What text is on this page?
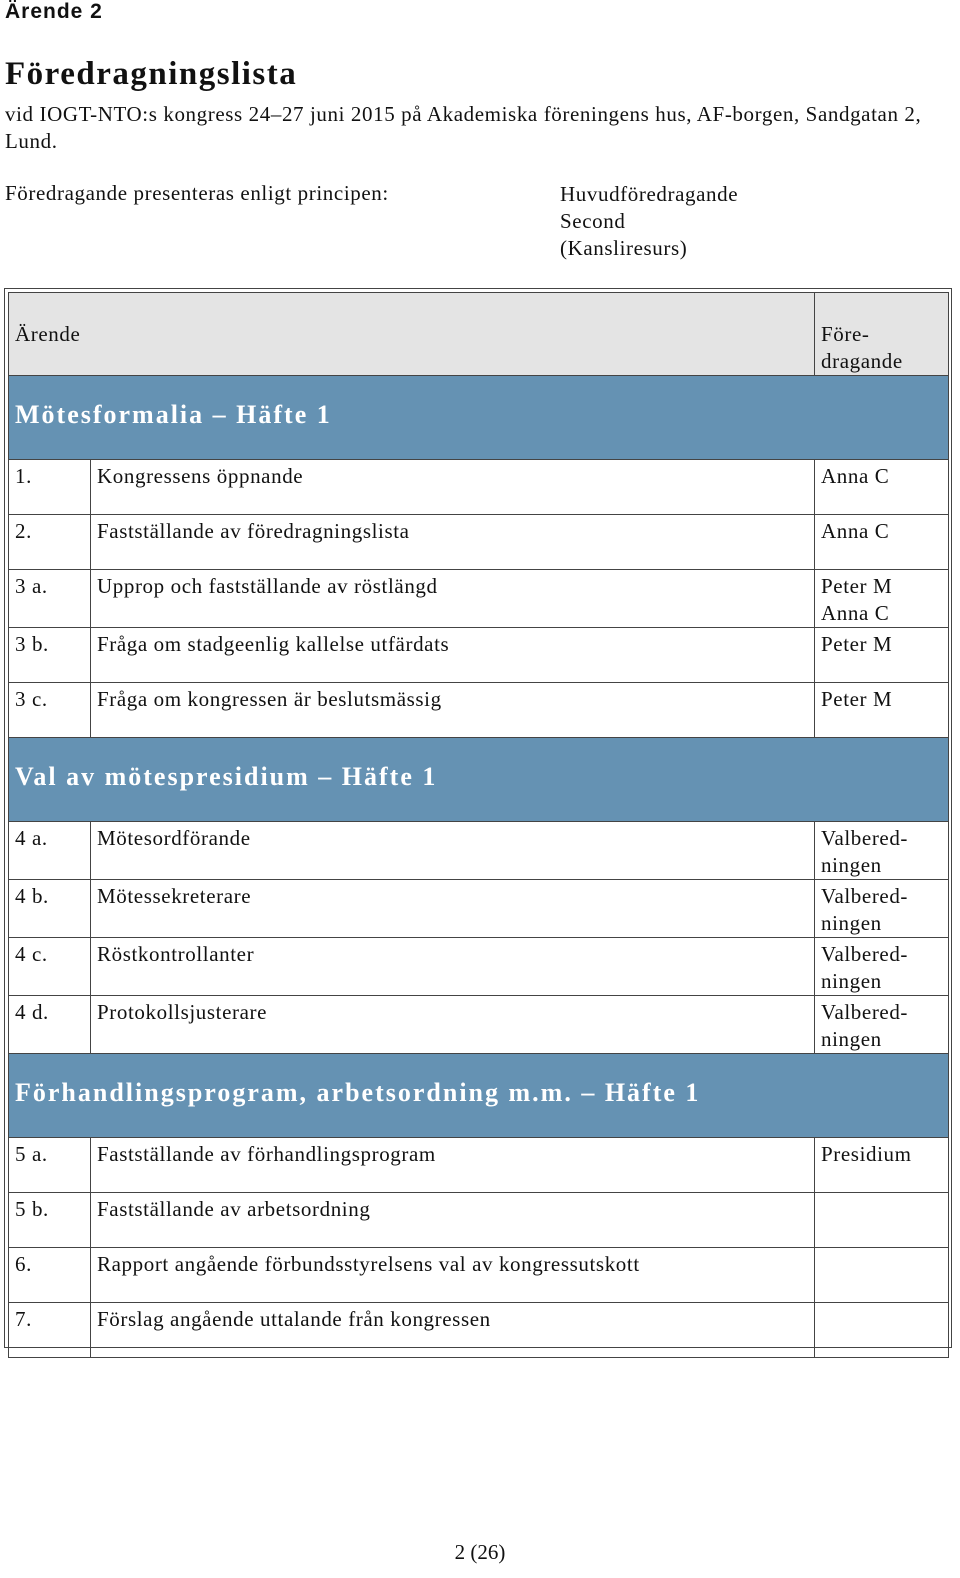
Ärende 2
Föredragningslista
vid IOGT-NTO:s kongress 24–27 juni 2015 på Akademiska föreningens hus, AF-borgen, Sandgatan 2, Lund.
Föredragande presenteras enligt principen:	Huvudföredragande
Second
(Kansliresurs)
Ärende		Före-
dragande

Mötesformalia – Häfte 1		
1.	Kongressens öppnande	Anna C

2.	Fastställande av föredragningslista	Anna C

3 a.	Upprop och fastställande av röstlängd	Peter M
Anna C

3 b.	Fråga om stadgeenlig kallelse utfärdats	Peter M

3 c.	Fråga om kongressen är beslutsmässig	Peter M

Val av mötespresidium – Häfte 1		
4 a.	Mötesordförande	Valbered-
ningen

4 b.	Mötessekreterare	Valbered-
ningen

4 c.	Röstkontrollanter	Valbered-
ningen

4 d.	Protokollsjusterare	Valbered-
ningen

Förhandlingsprogram, arbetsordning m.m. – Häfte 1		
5 a.	Fastställande av förhandlingsprogram	Presidium

5 b.	Fastställande av arbetsordning	

6.	Rapport angående förbundsstyrelsens val av kongressutskott	

7.	Förslag angående uttalande från kongressen	
2 (26)
